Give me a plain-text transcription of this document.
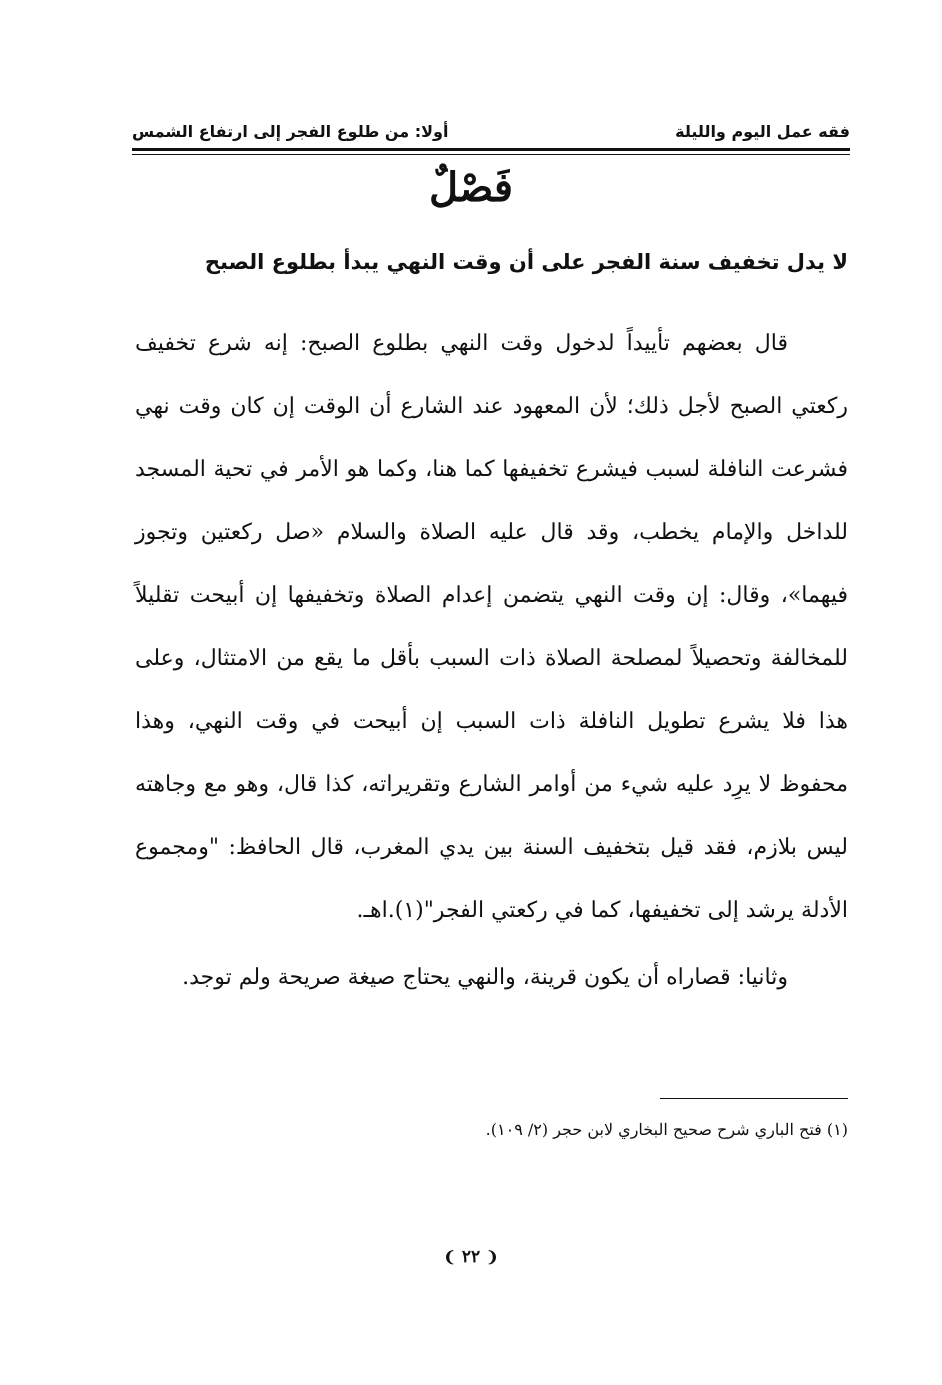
فقه عمل اليوم والليلة
أولا: من طلوع الفجر إلى ارتفاع الشمس
فَصْلٌ
لا يدل تخفيف سنة الفجر على أن وقت النهي يبدأ بطلوع الصبح
قال بعضهم تأييداً لدخول وقت النهي بطلوع الصبح: إنه شرع تخفيف ركعتي الصبح لأجل ذلك؛ لأن المعهود عند الشارع أن الوقت إن كان وقت نهي فشرعت النافلة لسبب فيشرع تخفيفها كما هنا، وكما هو الأمر في تحية المسجد للداخل والإمام يخطب، وقد قال عليه الصلاة والسلام «صل ركعتين وتجوز فيهما»، وقال: إن وقت النهي يتضمن إعدام الصلاة وتخفيفها إن أبيحت تقليلاً للمخالفة وتحصيلاً لمصلحة الصلاة ذات السبب بأقل ما يقع من الامتثال، وعلى هذا فلا يشرع تطويل النافلة ذات السبب إن أبيحت في وقت النهي، وهذا محفوظ لا يرِد عليه شيء من أوامر الشارع وتقريراته، كذا قال، وهو مع وجاهته ليس بلازم، فقد قيل بتخفيف السنة بين يدي المغرب، قال الحافظ: "ومجموع الأدلة يرشد إلى تخفيفها، كما في ركعتي الفجر"(١).اهـ.
وثانيا: قصاراه أن يكون قرينة، والنهي يحتاج صيغة صريحة ولم توجد.
(١) فتح الباري شرح صحيح البخاري لابن حجر (٢/ ١٠٩).
❨ ٢٢ ❩
